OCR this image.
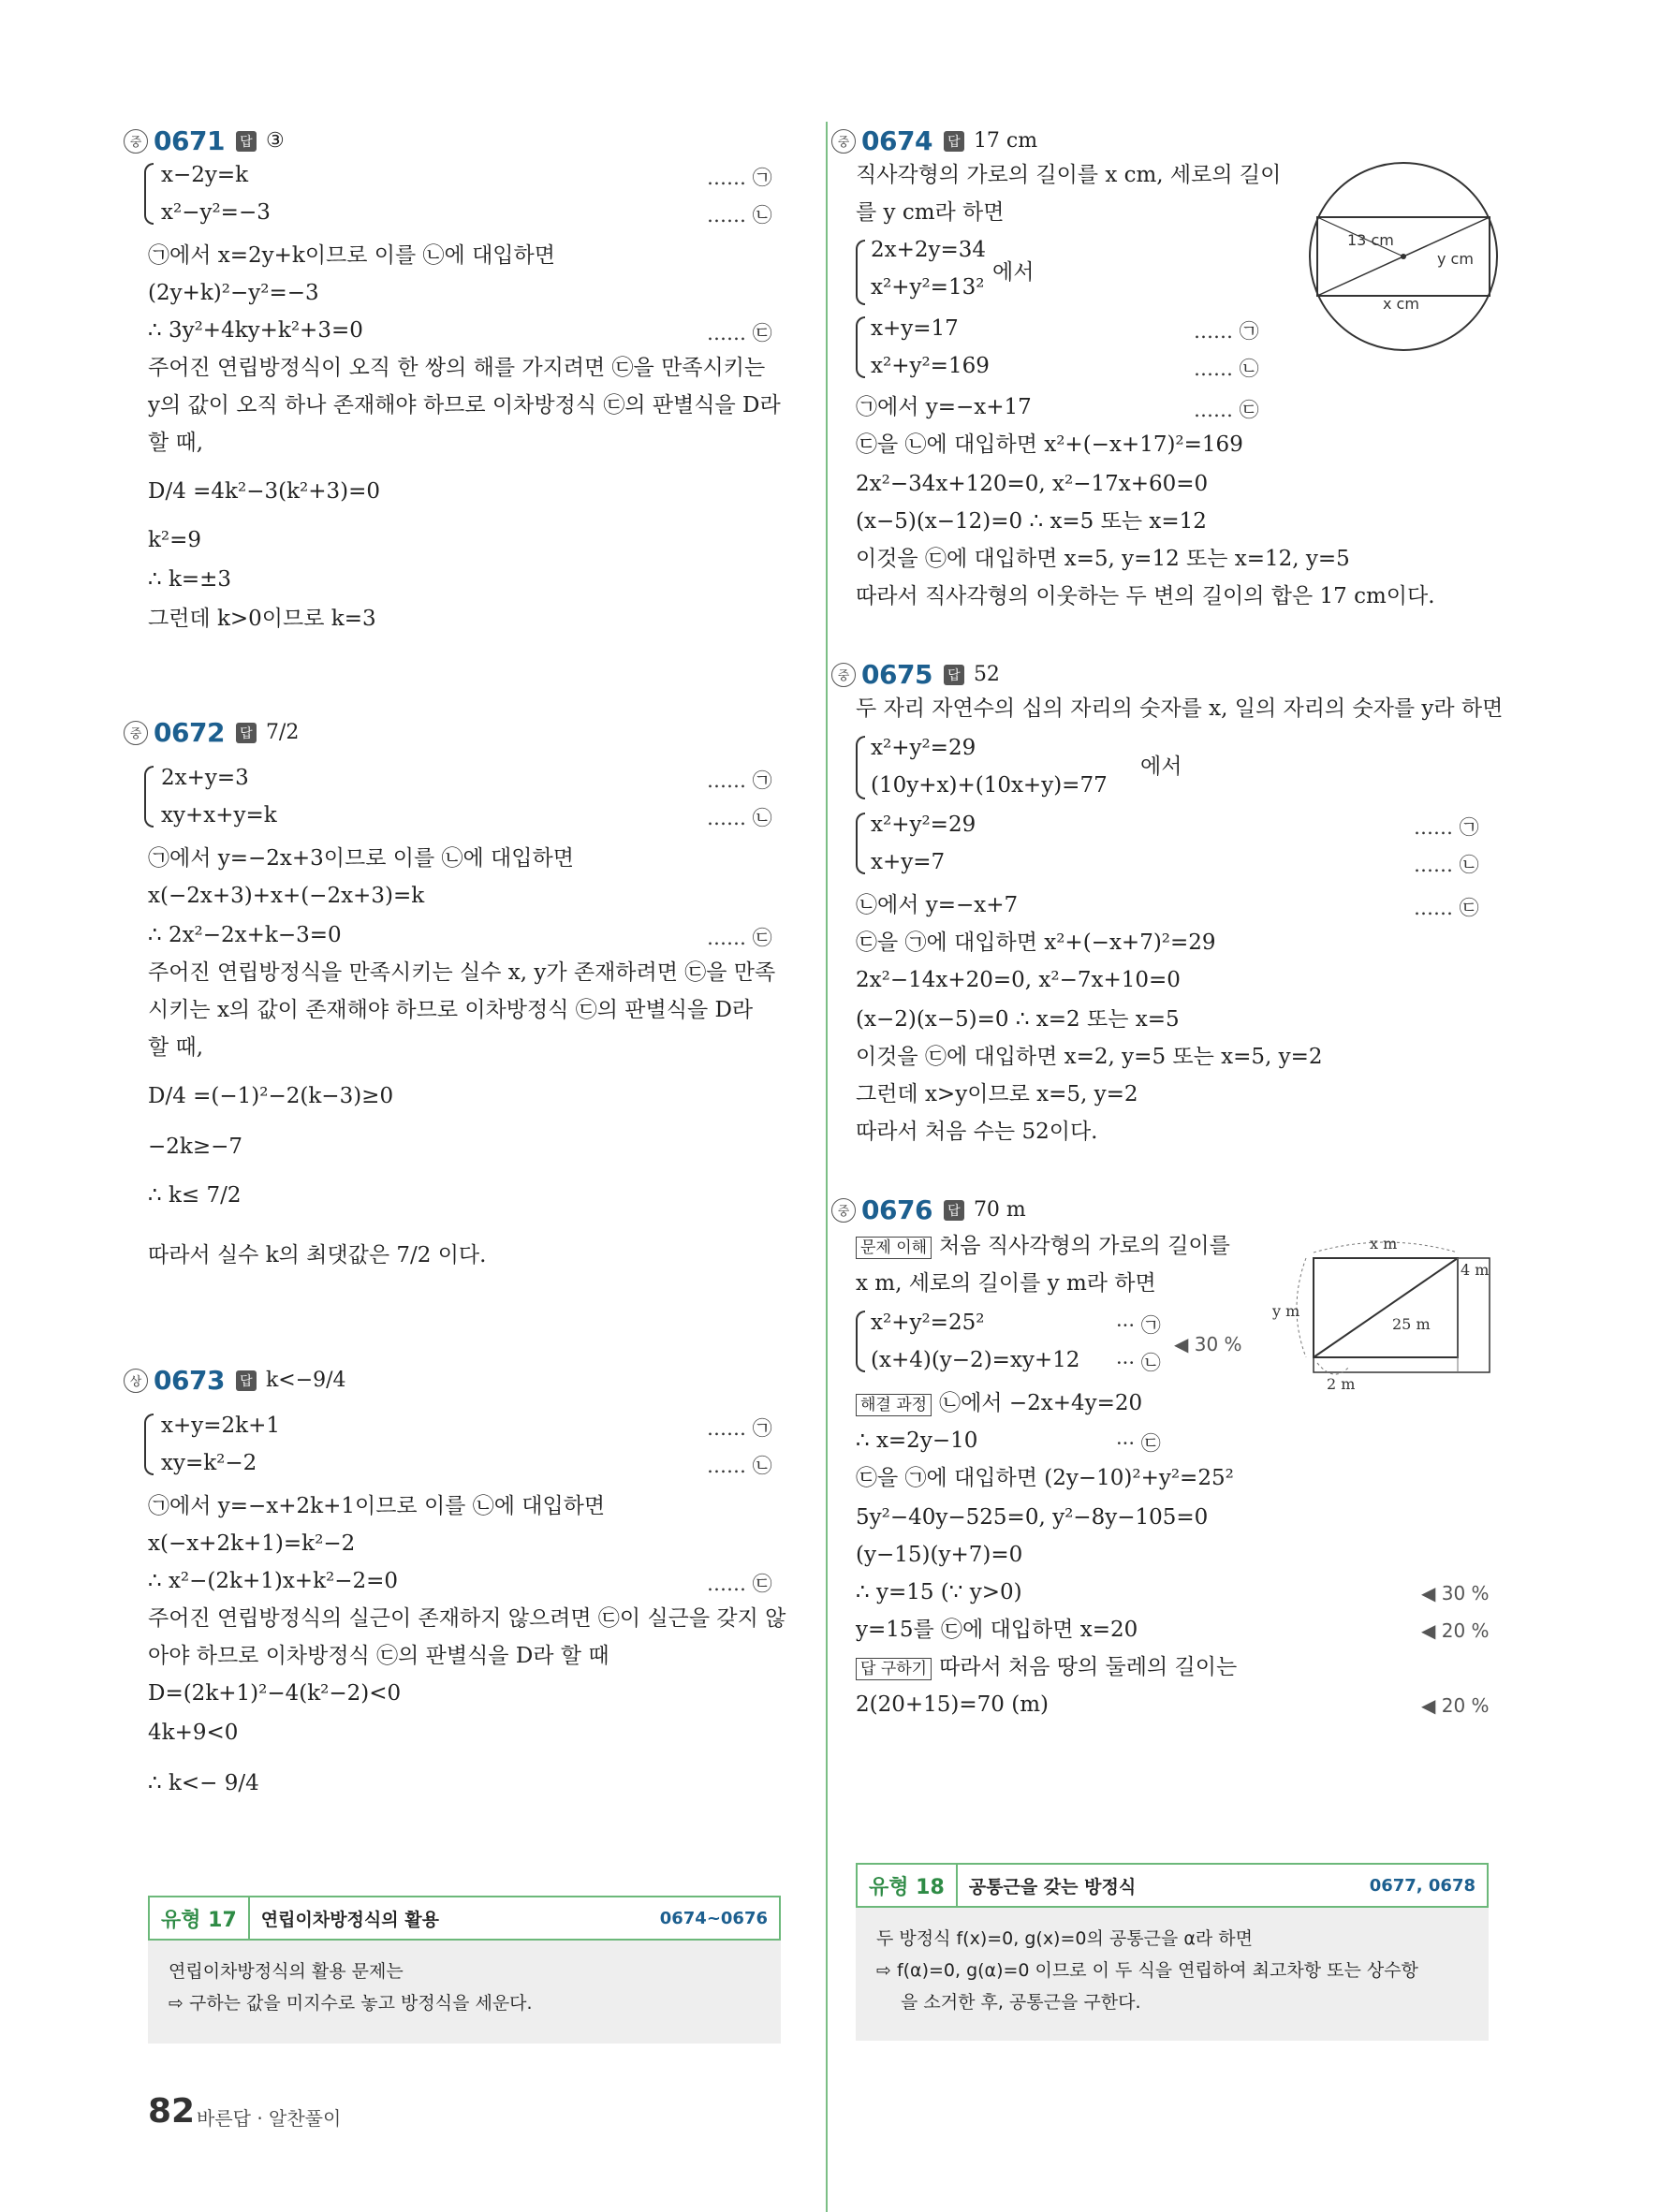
중 0671	답 ③
x−2y=k	…… ㉠
x²−y²=−3	…… ㉡
㉠에서 x=2y+k이므로 이를 ㉡에 대입하면
(2y+k)²−y²=−3
∴ 3y²+4ky+k²+3=0	…… ㉢
주어진 연립방정식이 오직 한 쌍의 해를 가지려면 ㉢을 만족시키는
y의 값이 오직 하나 존재해야 하므로 이차방정식 ㉢의 판별식을 D라
할 때,
D/4 =4k²−3(k²+3)=0
k²=9
∴ k=±3
그런데 k>0이므로 k=3
중 0672	답 7/2
2x+y=3	…… ㉠
xy+x+y=k	…… ㉡
㉠에서 y=−2x+3이므로 이를 ㉡에 대입하면
x(−2x+3)+x+(−2x+3)=k
∴ 2x²−2x+k−3=0	…… ㉢
주어진 연립방정식을 만족시키는 실수 x, y가 존재하려면 ㉢을 만족
시키는 x의 값이 존재해야 하므로 이차방정식 ㉢의 판별식을 D라
할 때,
D/4 =(−1)²−2(k−3)≥0
−2k≥−7
∴ k≤ 7/2
따라서 실수 k의 최댓값은 7/2 이다.
상 0673	답 k<−9/4
x+y=2k+1	…… ㉠
xy=k²−2	…… ㉡
㉠에서 y=−x+2k+1이므로 이를 ㉡에 대입하면
x(−x+2k+1)=k²−2
∴ x²−(2k+1)x+k²−2=0	…… ㉢
주어진 연립방정식의 실근이 존재하지 않으려면 ㉢이 실근을 갖지 않
아야 하므로 이차방정식 ㉢의 판별식을 D라 할 때
D=(2k+1)²−4(k²−2)<0
4k+9<0
∴ k<− 9/4
유형 17	연립이차방정식의 활용	0674~0676
연립이차방정식의 활용 문제는
⇨ 구하는 값을 미지수로 놓고 방정식을 세운다.
중 0674	답 17 cm
직사각형의 가로의 길이를 x cm, 세로의 길이
를 y cm라 하면
2x+2y=34
x²+y²=13²
에서
x+y=17	…… ㉠
x²+y²=169	…… ㉡
㉠에서 y=−x+17	…… ㉢
㉢을 ㉡에 대입하면 x²+(−x+17)²=169
2x²−34x+120=0, x²−17x+60=0
(x−5)(x−12)=0 ∴ x=5 또는 x=12
이것을 ㉢에 대입하면 x=5, y=12 또는 x=12, y=5
따라서 직사각형의 이웃하는 두 변의 길이의 합은 17 cm이다.
13 cm
y cm
x cm
중 0675	답 52
두 자리 자연수의 십의 자리의 숫자를 x, 일의 자리의 숫자를 y라 하면
x²+y²=29
(10y+x)+(10x+y)=77
에서
x²+y²=29	…… ㉠
x+y=7	…… ㉡
㉡에서 y=−x+7	…… ㉢
㉢을 ㉠에 대입하면 x²+(−x+7)²=29
2x²−14x+20=0, x²−7x+10=0
(x−2)(x−5)=0 ∴ x=2 또는 x=5
이것을 ㉢에 대입하면 x=2, y=5 또는 x=5, y=2
그런데 x>y이므로 x=5, y=2
따라서 처음 수는 52이다.
중 0676	답 70 m
문제 이해 처음 직사각형의 가로의 길이를
x m, 세로의 길이를 y m라 하면
x²+y²=25²	··· ㉠
(x+4)(y−2)=xy+12 ··· ㉡
◀ 30 %
해결 과정 ㉡에서 −2x+4y=20
∴ x=2y−10	··· ㉢
㉢을 ㉠에 대입하면 (2y−10)²+y²=25²
5y²−40y−525=0, y²−8y−105=0
(y−15)(y+7)=0
∴ y=15 (∵ y>0)	◀ 30 %
y=15를 ㉢에 대입하면 x=20	◀ 20 %
답 구하기 따라서 처음 땅의 둘레의 길이는
2(20+15)=70 (m)	◀ 20 %
x m
4 m
y m
25 m
2 m
유형 18	공통근을 갖는 방정식	0677, 0678
두 방정식 f(x)=0, g(x)=0의 공통근을 α라 하면
⇨ f(α)=0, g(α)=0 이므로 이 두 식을 연립하여 최고차항 또는 상수항
을 소거한 후, 공통근을 구한다.
82 바른답 · 알찬풀이
